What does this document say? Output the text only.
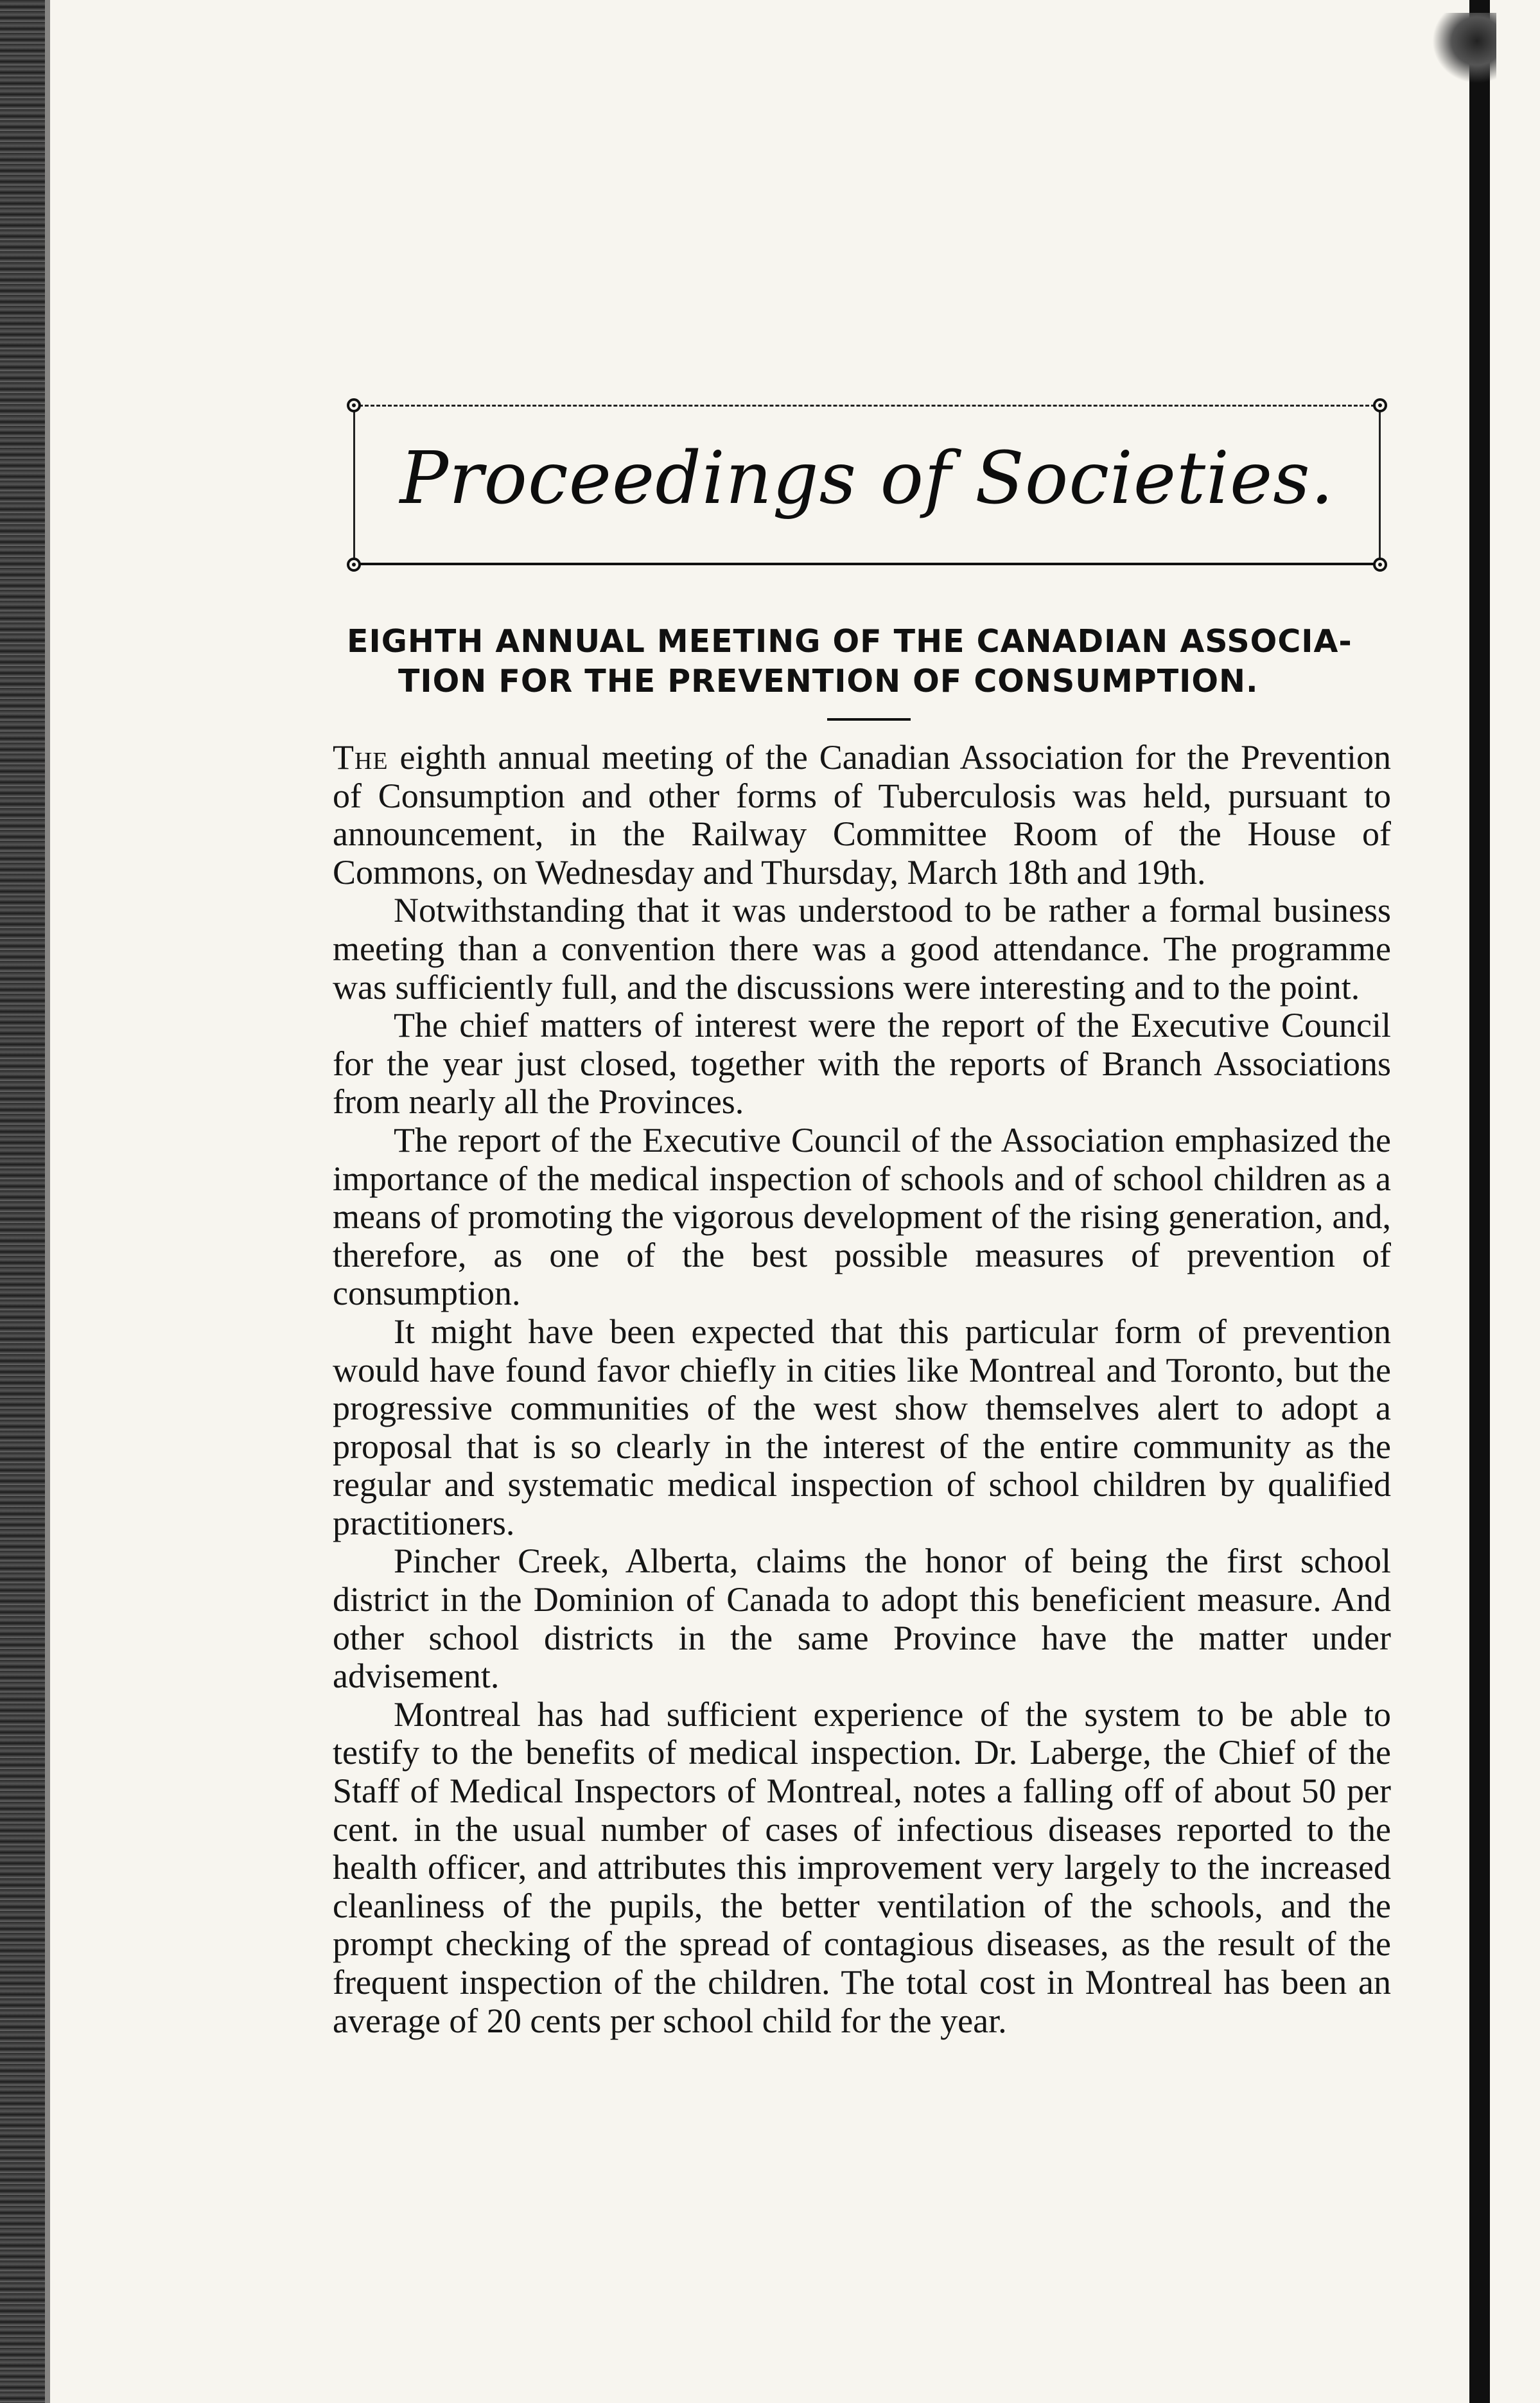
Proceedings of Societies.
EIGHTH ANNUAL MEETING OF THE CANADIAN ASSOCIA-
TION FOR THE PREVENTION OF CONSUMPTION.

The eighth annual meeting of the Canadian Association for the Prevention of Consumption and other forms of Tuberculosis was held, pursuant to announcement, in the Railway Committee Room of the House of Commons, on Wednesday and Thursday, March 18th and 19th.

Notwithstanding that it was understood to be rather a formal business meeting than a convention there was a good attendance. The programme was sufficiently full, and the discussions were interesting and to the point.

The chief matters of interest were the report of the Executive Council for the year just closed, together with the reports of Branch Associations from nearly all the Provinces.

The report of the Executive Council of the Association emphasized the importance of the medical inspection of schools and of school children as a means of promoting the vigorous development of the rising generation, and, therefore, as one of the best possible measures of prevention of consumption.

It might have been expected that this particular form of prevention would have found favor chiefly in cities like Montreal and Toronto, but the progressive communities of the west show themselves alert to adopt a proposal that is so clearly in the interest of the entire community as the regular and systematic medical inspection of school children by qualified practitioners.

Pincher Creek, Alberta, claims the honor of being the first school district in the Dominion of Canada to adopt this beneficient measure. And other school districts in the same Province have the matter under advisement.

Montreal has had sufficient experience of the system to be able to testify to the benefits of medical inspection. Dr. Laberge, the Chief of the Staff of Medical Inspectors of Montreal, notes a falling off of about 50 per cent. in the usual number of cases of infectious diseases reported to the health officer, and attributes this improvement very largely to the increased cleanliness of the pupils, the better ventilation of the schools, and the prompt checking of the spread of contagious diseases, as the result of the frequent inspection of the children. The total cost in Montreal has been an average of 20 cents per school child for the year.
